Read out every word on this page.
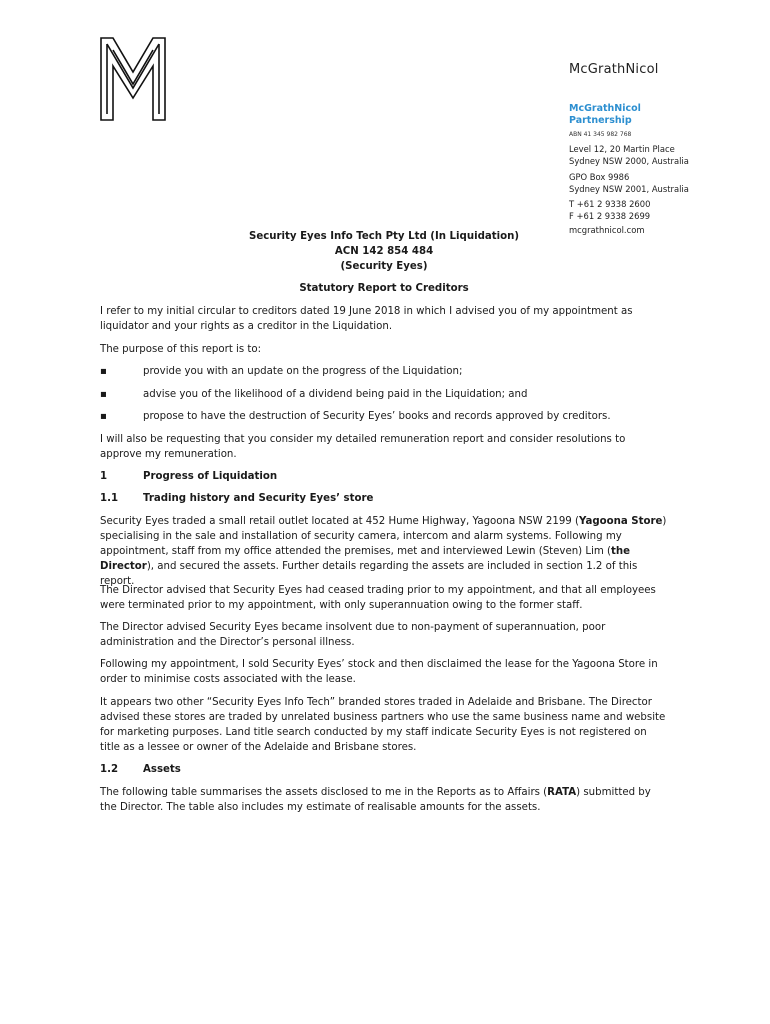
McGrathNicol
McGrathNicol
Partnership
ABN 41 345 982 768
Level 12, 20 Martin Place
Sydney NSW 2000, Australia
GPO Box 9986
Sydney NSW 2001, Australia
T +61 2 9338 2600
F +61 2 9338 2699
mcgrathnicol.com
Security Eyes Info Tech Pty Ltd (In Liquidation)
ACN 142 854 484
(Security Eyes)
Statutory Report to Creditors

I refer to my initial circular to creditors dated 19 June 2018 in which I advised you of my appointment as liquidator and your rights as a creditor in the Liquidation.

The purpose of this report is to:

▪	provide you with an update on the progress of the Liquidation;
▪	advise you of the likelihood of a dividend being paid in the Liquidation; and
▪	propose to have the destruction of Security Eyes’ books and records approved by creditors.

I will also be requesting that you consider my detailed remuneration report and consider resolutions to approve my remuneration.

1	Progress of Liquidation
1.1 Trading history and Security Eyes’ store

Security Eyes traded a small retail outlet located at 452 Hume Highway, Yagoona NSW 2199 (Yagoona Store) specialising in the sale and installation of security camera, intercom and alarm systems. Following my appointment, staff from my office attended the premises, met and interviewed Lewin (Steven) Lim (the Director), and secured the assets. Further details regarding the assets are included in section 1.2 of this report.

The Director advised that Security Eyes had ceased trading prior to my appointment, and that all employees were terminated prior to my appointment, with only superannuation owing to the former staff.

The Director advised Security Eyes became insolvent due to non-payment of superannuation, poor administration and the Director’s personal illness.

Following my appointment, I sold Security Eyes’ stock and then disclaimed the lease for the Yagoona Store in order to minimise costs associated with the lease.

It appears two other “Security Eyes Info Tech” branded stores traded in Adelaide and Brisbane. The Director advised these stores are traded by unrelated business partners who use the same business name and website for marketing purposes. Land title search conducted by my staff indicate Security Eyes is not registered on title as a lessee or owner of the Adelaide and Brisbane stores.

1.2 Assets

The following table summarises the assets disclosed to me in the Reports as to Affairs (RATA) submitted by the Director. The table also includes my estimate of realisable amounts for the assets.
